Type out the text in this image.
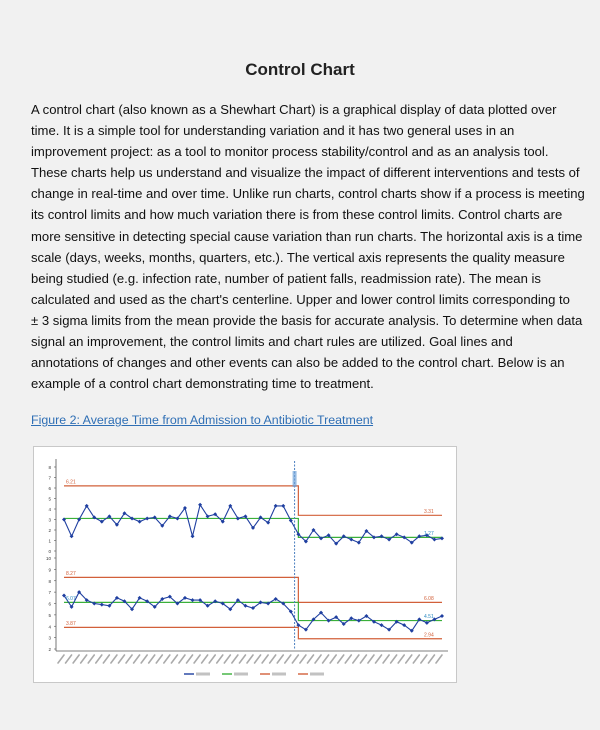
Control Chart

A control chart (also known as a Shewhart Chart) is a graphical display of data plotted over
time. It is a simple tool for understanding variation and it has two general uses in an
improvement project: as a tool to monitor process stability/control and as an analysis tool.
These charts help us understand and visualize the impact of different interventions and tests of
change in real-time and over time. Unlike run charts, control charts show if a process is meeting
its control limits and how much variation there is from these control limits. Control charts are
more sensitive in detecting special cause variation than run charts. The horizontal axis is a time
scale (days, weeks, months, quarters, etc.). The vertical axis represents the quality measure
being studied (e.g. infection rate, number of patient falls, readmission rate). The mean is
calculated and used as the chart's centerline. Upper and lower control limits corresponding to
± 3 sigma limits from the mean provide the basis for accurate analysis. To determine when data
signal an improvement, the control limits and chart rules are utilized. Goal lines and
annotations of changes and other events can also be added to the control chart. Below is an
example of a control chart demonstrating time to treatment.

Figure 2: Average Time from Admission to Antibiotic Treatment
0
1
2
3
4
5
6
7
8
6.21
3.31
1.27
2
3
4
5
6
7
8
9
10
8.27
6.07
3.87
6.08
4.51
2.94
